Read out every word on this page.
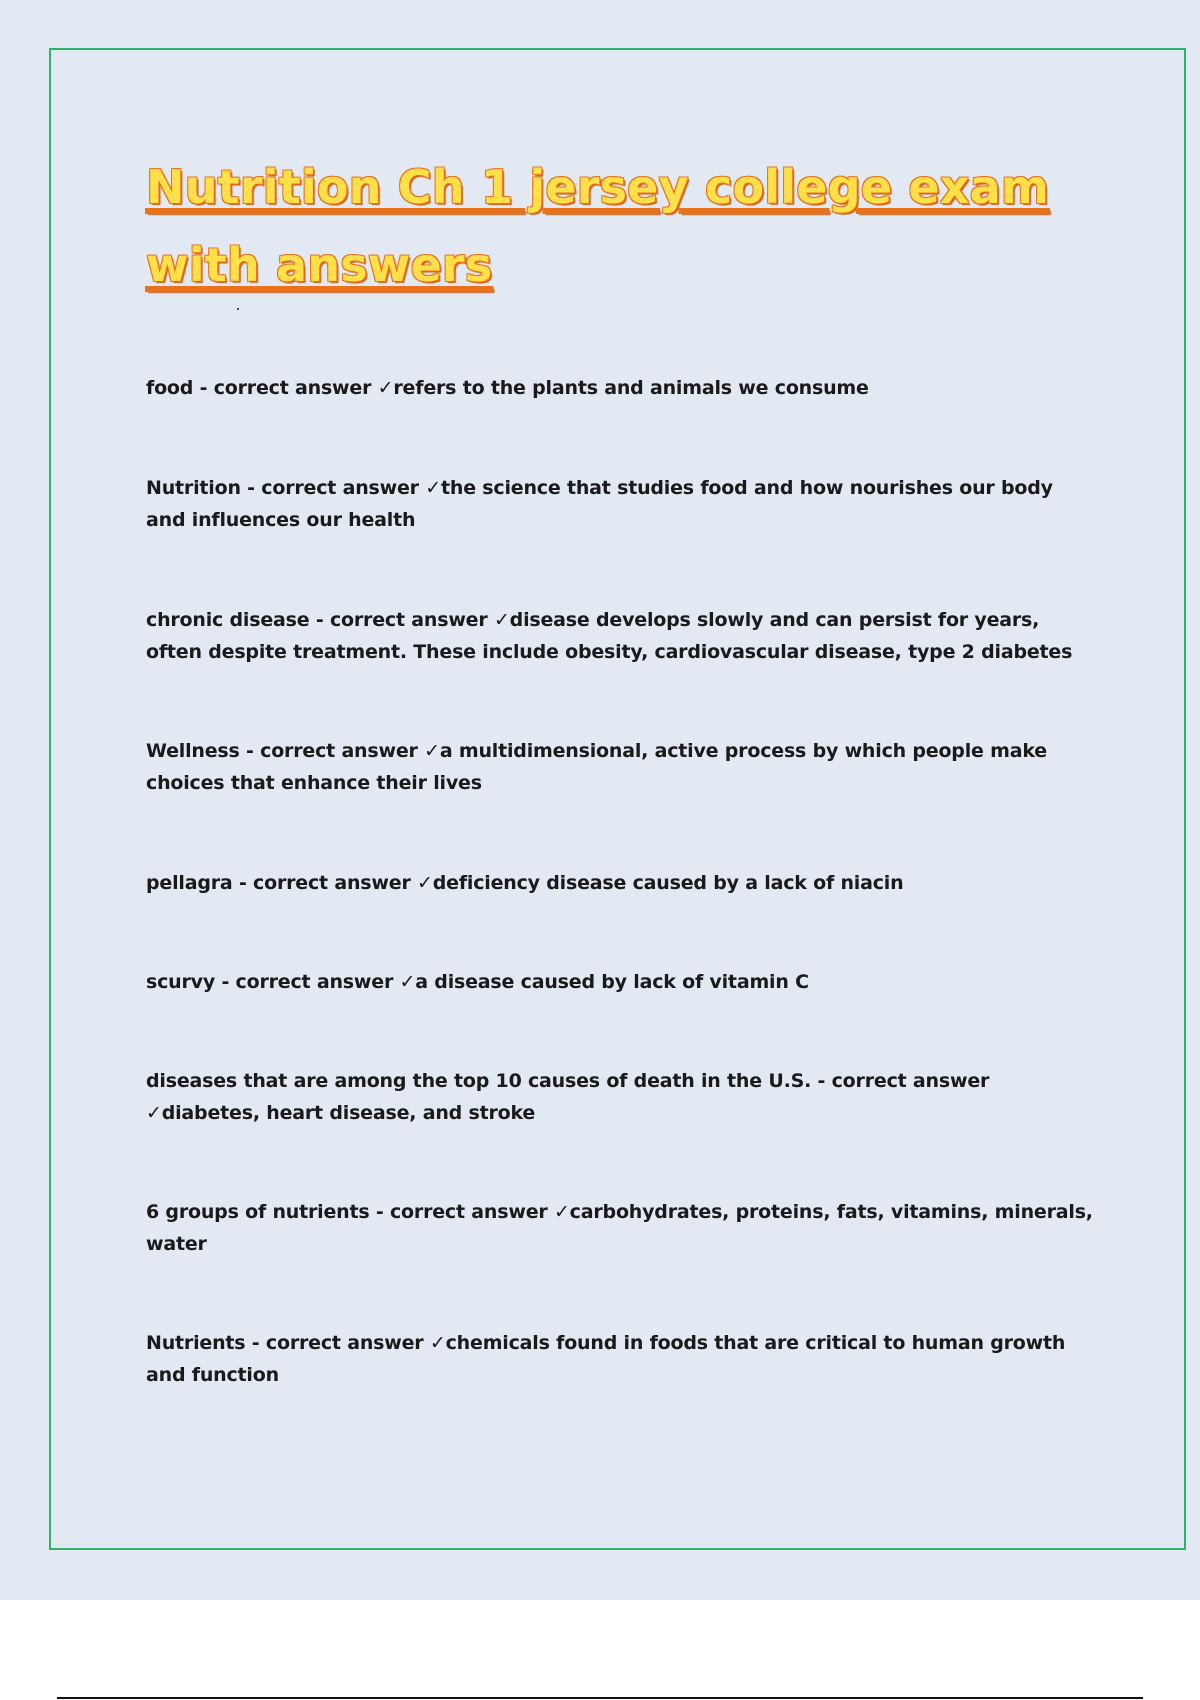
Nutrition Ch 1 jersey college exam with answers

food - correct answer ✓refers to the plants and animals we consume

Nutrition - correct answer ✓the science that studies food and how nourishes our body and influences our health

chronic disease - correct answer ✓disease develops slowly and can persist for years, often despite treatment. These include obesity, cardiovascular disease, type 2 diabetes

Wellness - correct answer ✓a multidimensional, active process by which people make choices that enhance their lives

pellagra - correct answer ✓deficiency disease caused by a lack of niacin

scurvy - correct answer ✓a disease caused by lack of vitamin C

diseases that are among the top 10 causes of death in the U.S. - correct answer ✓diabetes, heart disease, and stroke

6 groups of nutrients - correct answer ✓carbohydrates, proteins, fats, vitamins, minerals, water

Nutrients - correct answer ✓chemicals found in foods that are critical to human growth and function
